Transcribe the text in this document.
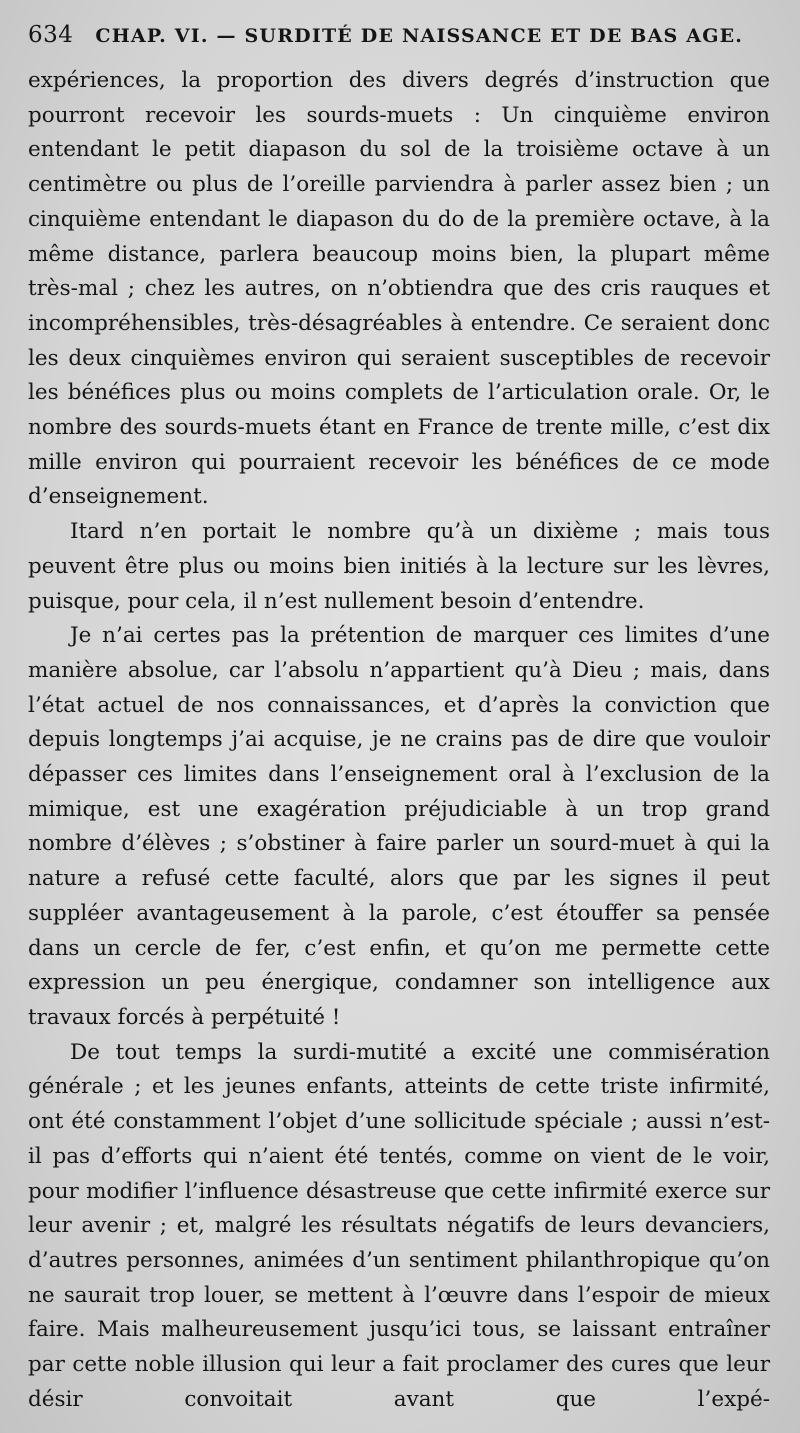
634 CHAP. VI. — SURDITÉ DE NAISSANCE ET DE BAS AGE.

expériences, la proportion des divers degrés d’instruction que pourront recevoir les sourds-muets : Un cinquième environ entendant le petit diapason du sol de la troisième octave à un centimètre ou plus de l’oreille parviendra à parler assez bien ; un cinquième entendant le diapason du do de la première octave, à la même distance, parlera beaucoup moins bien, la plupart même très-mal ; chez les autres, on n’obtiendra que des cris rauques et incompréhensibles, très-désagréables à entendre. Ce seraient donc les deux cinquièmes environ qui seraient susceptibles de recevoir les bénéfices plus ou moins complets de l’articulation orale. Or, le nombre des sourds-muets étant en France de trente mille, c’est dix mille environ qui pourraient recevoir les bénéfices de ce mode d’enseignement.

Itard n’en portait le nombre qu’à un dixième ; mais tous peuvent être plus ou moins bien initiés à la lecture sur les lèvres, puisque, pour cela, il n’est nullement besoin d’entendre.

Je n’ai certes pas la prétention de marquer ces limites d’une manière absolue, car l’absolu n’appartient qu’à Dieu ; mais, dans l’état actuel de nos connaissances, et d’après la conviction que depuis longtemps j’ai acquise, je ne crains pas de dire que vouloir dépasser ces limites dans l’enseignement oral à l’exclusion de la mimique, est une exagération préjudiciable à un trop grand nombre d’élèves ; s’obstiner à faire parler un sourd-muet à qui la nature a refusé cette faculté, alors que par les signes il peut suppléer avantageusement à la parole, c’est étouffer sa pensée dans un cercle de fer, c’est enfin, et qu’on me permette cette expression un peu énergique, condamner son intelligence aux travaux forcés à perpétuité !

De tout temps la surdi-mutité a excité une commisération générale ; et les jeunes enfants, atteints de cette triste infirmité, ont été constamment l’objet d’une sollicitude spéciale ; aussi n’est-il pas d’efforts qui n’aient été tentés, comme on vient de le voir, pour modifier l’influence désastreuse que cette infirmité exerce sur leur avenir ; et, malgré les résultats négatifs de leurs devanciers, d’autres personnes, animées d’un sentiment philanthropique qu’on ne saurait trop louer, se mettent à l’œuvre dans l’espoir de mieux faire. Mais malheureusement jusqu’ici tous, se laissant entraîner par cette noble illusion qui leur a fait proclamer des cures que leur désir convoitait avant que l’expé-
